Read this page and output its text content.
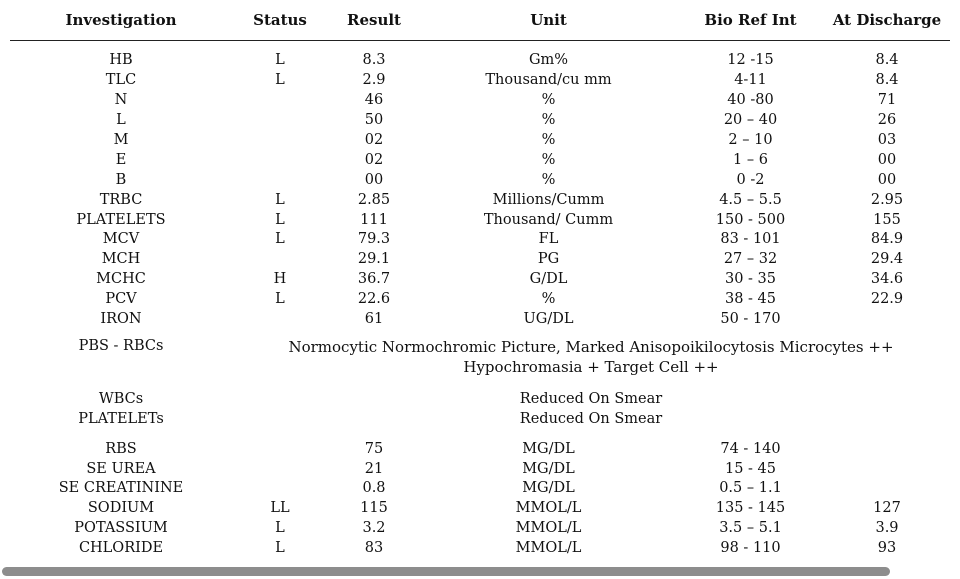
Investigation	Status	Result	Unit	Bio Ref Int	At Discharge

HB	L	8.3	Gm%	12 -15	8.4
TLC	L	2.9	Thousand/cu mm	4-11	8.4
N		46	%	40 -80	71
L		50	%	20 – 40	26
M		02	%	2 – 10	03
E		02	%	1 – 6	00
B		00	%	0 -2	00
TRBC	L	2.85	Millions/Cumm	4.5 – 5.5	2.95
PLATELETS	L	111	Thousand/ Cumm	150 - 500	155
MCV	L	79.3	FL	83 - 101	84.9
MCH		29.1	PG	27 – 32	29.4
MCHC	H	36.7	G/DL	30 - 35	34.6
PCV	L	22.6	%	38 - 45	22.9
IRON		61	UG/DL	50 - 170	
PBS - RBCs	Normocytic Normochromic Picture, Marked Anisopoikilocytosis Microcytes ++ Hypochromasia + Target Cell ++				

WBCs	Reduced On Smear				
PLATELETs	Reduced On Smear				

RBS		75	MG/DL	74 - 140	
SE UREA		21	MG/DL	15 - 45	
SE CREATININE		0.8	MG/DL	0.5 – 1.1	
SODIUM	LL	115	MMOL/L	135 - 145	127
POTASSIUM	L	3.2	MMOL/L	3.5 – 5.1	3.9
CHLORIDE	L	83	MMOL/L	98 - 110	93
